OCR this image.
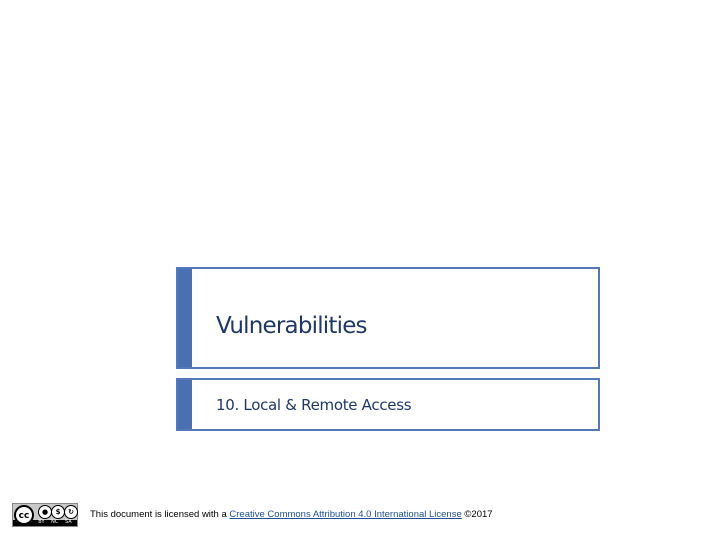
Vulnerabilities
10. Local & Remote Access
cc	●	$	↻
BY NC SA
This document is licensed with a Creative Commons Attribution 4.0 International License ©2017
